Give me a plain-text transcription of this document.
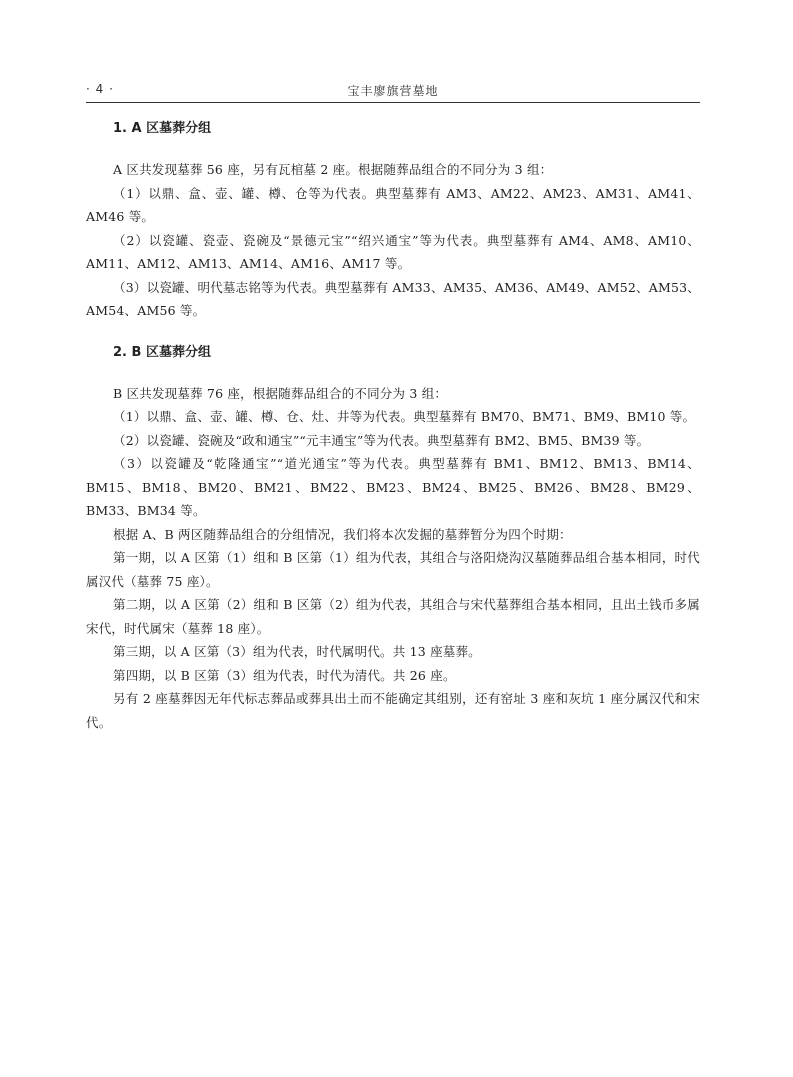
· 4 ·	宝丰廖旗营墓地
1. A 区墓葬分组

A 区共发现墓葬 56 座，另有瓦棺墓 2 座。根据随葬品组合的不同分为 3 组：

（1）以鼎、盒、壶、罐、樽、仓等为代表。典型墓葬有 AM3、AM22、AM23、AM31、AM41、AM46 等。

（2）以瓷罐、瓷壶、瓷碗及“景德元宝”“绍兴通宝”等为代表。典型墓葬有 AM4、AM8、AM10、AM11、AM12、AM13、AM14、AM16、AM17 等。

（3）以瓷罐、明代墓志铭等为代表。典型墓葬有 AM33、AM35、AM36、AM49、AM52、AM53、AM54、AM56 等。

2. B 区墓葬分组

B 区共发现墓葬 76 座，根据随葬品组合的不同分为 3 组：

（1）以鼎、盒、壶、罐、樽、仓、灶、井等为代表。典型墓葬有 BM70、BM71、BM9、BM10 等。

（2）以瓷罐、瓷碗及“政和通宝”“元丰通宝”等为代表。典型墓葬有 BM2、BM5、BM39 等。

（3）以瓷罐及“乾隆通宝”“道光通宝”等为代表。典型墓葬有 BM1、BM12、BM13、BM14、BM15、BM18、BM20、BM21、BM22、BM23、BM24、BM25、BM26、BM28、BM29、BM33、BM34 等。

根据 A、B 两区随葬品组合的分组情况，我们将本次发掘的墓葬暂分为四个时期：

第一期，以 A 区第（1）组和 B 区第（1）组为代表，其组合与洛阳烧沟汉墓随葬品组合基本相同，时代属汉代（墓葬 75 座）。

第二期，以 A 区第（2）组和 B 区第（2）组为代表，其组合与宋代墓葬组合基本相同，且出土钱币多属宋代，时代属宋（墓葬 18 座）。

第三期，以 A 区第（3）组为代表，时代属明代。共 13 座墓葬。

第四期，以 B 区第（3）组为代表，时代为清代。共 26 座。

另有 2 座墓葬因无年代标志葬品或葬具出土而不能确定其组别，还有窑址 3 座和灰坑 1 座分属汉代和宋代。
